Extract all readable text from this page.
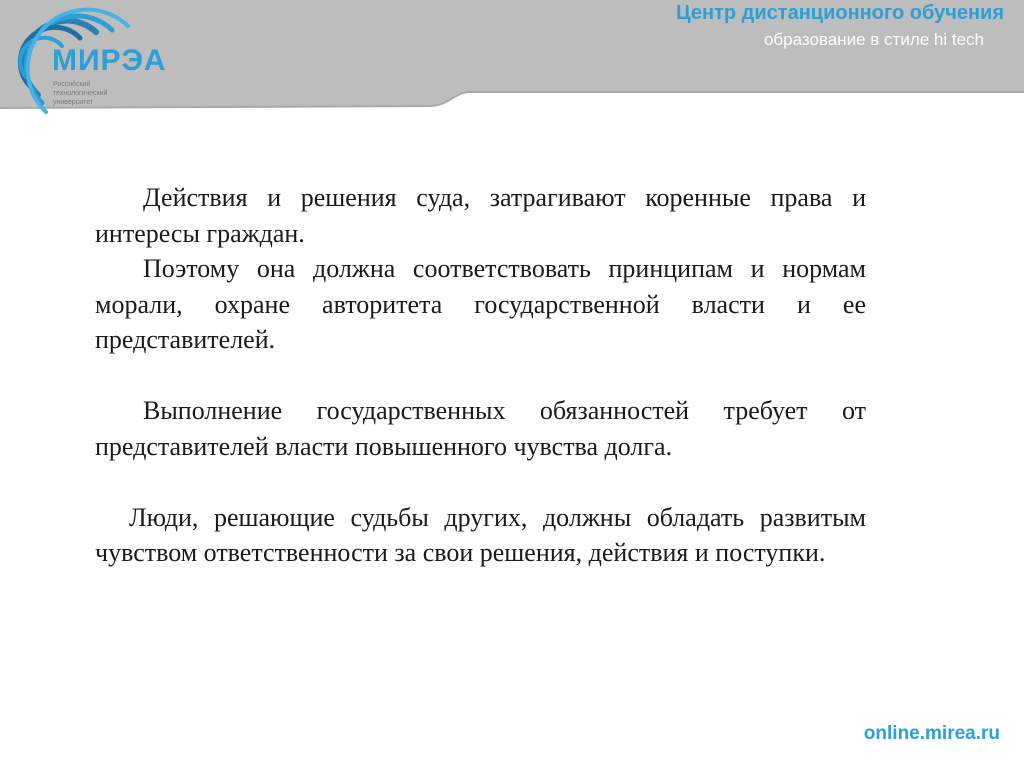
МИРЭА
Российский
технологический
университет
Центр дистанционного обучения
образование в стиле hi tech

Действия и решения суда, затрагивают коренные права и интересы граждан.

Поэтому она должна соответствовать принципам и нормам морали, охране авторитета государственной власти и ее представителей.

Выполнение государственных обязанностей требует от представителей власти повышенного чувства долга.

Люди, решающие судьбы других, должны обладать развитым чувством ответственности за свои решения, действия и поступки.

online.mirea.ru
